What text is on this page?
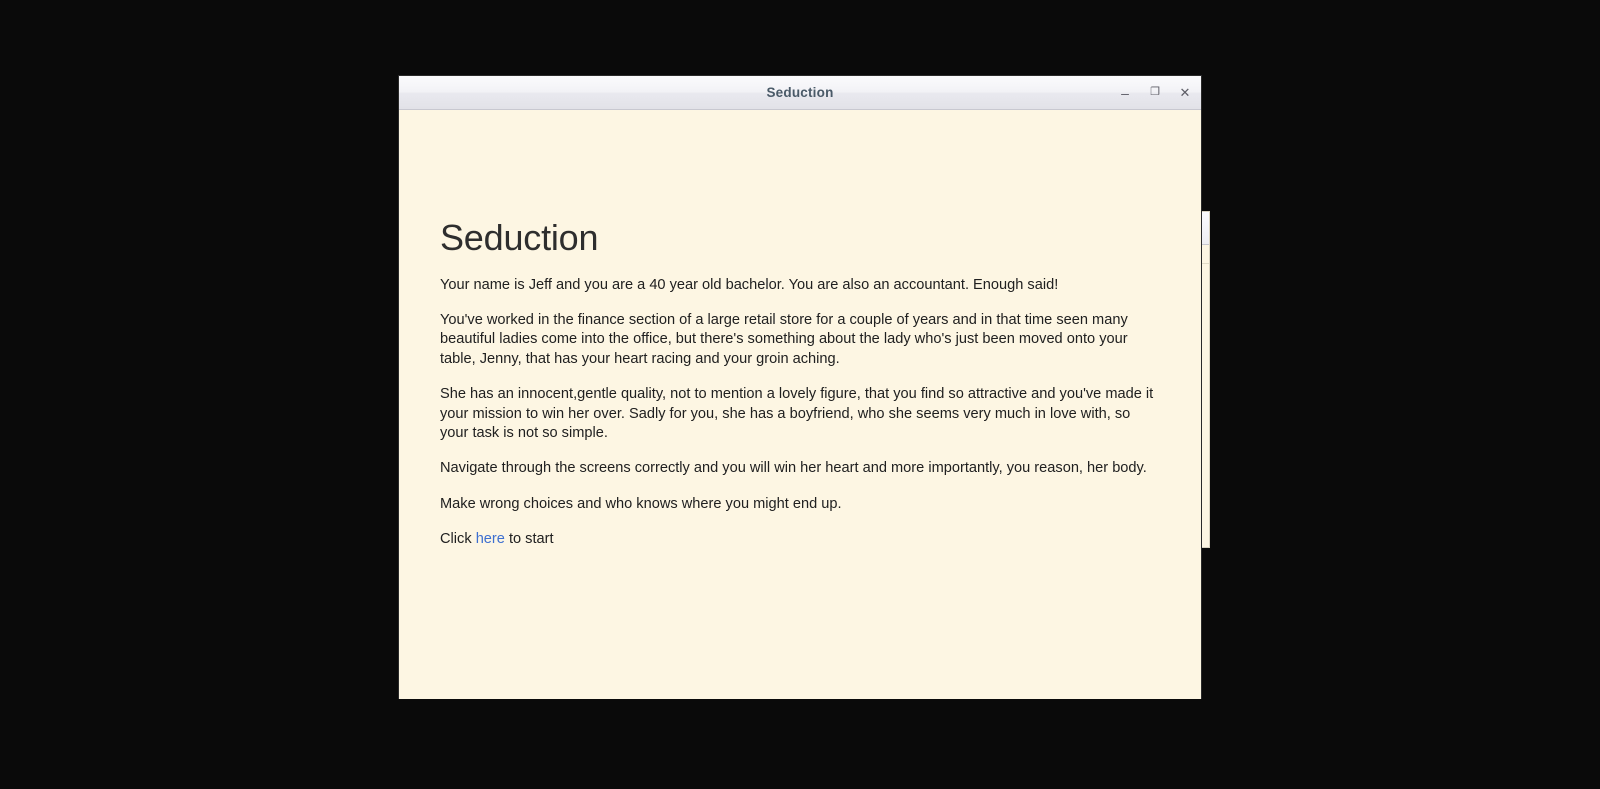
Seduction	‒	❐ ✕
Seduction

Your name is Jeff and you are a 40 year old bachelor. You are also an accountant. Enough said!

You've worked in the finance section of a large retail store for a couple of years and in that time seen many beautiful ladies come into the office, but there's something about the lady who's just been moved onto your table, Jenny, that has your heart racing and your groin aching.

She has an innocent,gentle quality, not to mention a lovely figure, that you find so attractive and you've made it your mission to win her over. Sadly for you, she has a boyfriend, who she seems very much in love with, so your task is not so simple.

Navigate through the screens correctly and you will win her heart and more importantly, you reason, her body.

Make wrong choices and who knows where you might end up.

Click here to start
